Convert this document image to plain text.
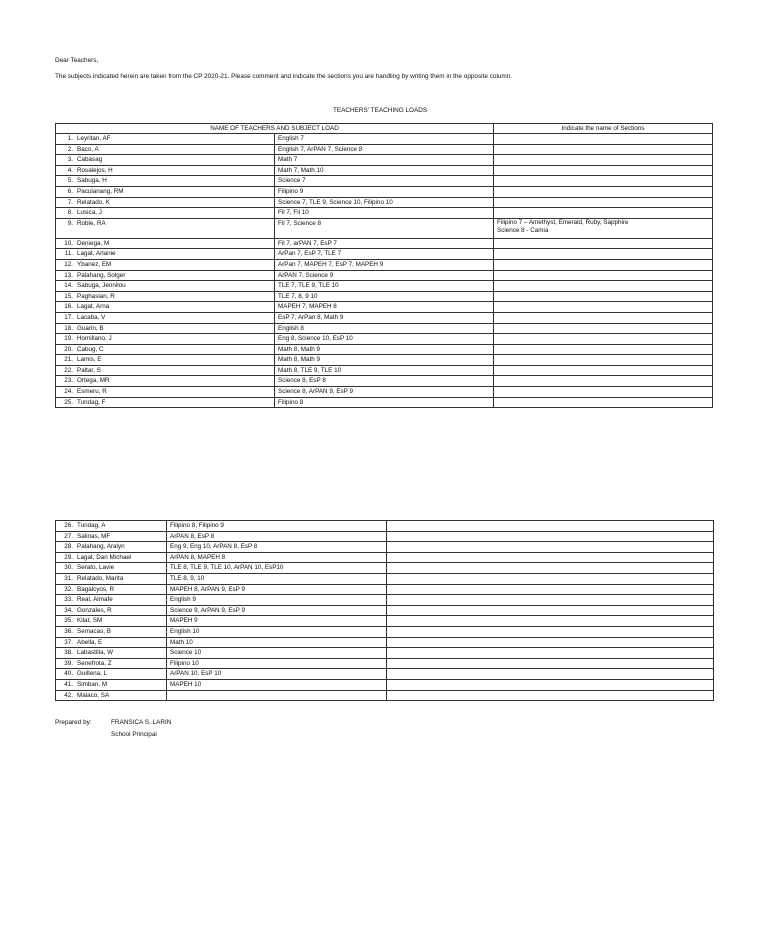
Dear Teachers,
The subjects indicated herein are taken from the CP 2020-21. Please comment and indicate the sections you are handling by writing them in the opposite column.
TEACHERS' TEACHING LOADS
NAME OF TEACHERS AND SUBJECT LOAD		Indicate the name of Sections
1. Leyritan, AF	English 7	
2. Baco, A	English 7, ArPAN 7, Science 8	
3. Cabasag	Math 7	
4. Rosalejos, H	Math 7, Math 10	
5. Sabuga, H	Science 7	
6. Paculanang, RM	Filipino 9	
7. Relatado, K	Science 7, TLE 9, Science 10, Filipino 10	
8. Lusica, J	Fil 7, Fil 10	
9. Roble, RA	Fil 7, Science 8	Filipino 7 – Amethyst, Emerald, Ruby, Sapphire
Science 8 - Camia

10. Deniega, M	Fil 7, arPAN 7, EsP 7	
11. Lagat, Arlanie	ArPan 7, EsP 7, TLE 7	
12. Ybanez, EM	ArPan 7, MAPEH 7, EsP 7, MAPEH 9	
13. Palahang, Solger	ArPAN 7, Science 9	
14. Sabuga, Jennilou	TLE 7, TLE 9, TLE 10	
15. Paghasian, R	TLE 7, 8, 9 10	
16. Lagat, Arna	MAPEH 7, MAPEH 8	
17. Lacaba, V	EsP 7, ArPan 8, Math 9	
18. Guarin, B	English 8	
19. Homillano, J	Eng 8, Science 10, EsP 10	
20. Cabug, C	Math 8, Math 9	
21. Lamis, E	Math 8, Math 9	
22. Paltar, S	Math 8, TLE 9, TLE 10	
23. Ortega, MR	Science 8, EsP 8	
24. Esmeru, R	Science 8, ArPAN 9, EsP 9	
25. Tundag, F	Filipino 8	
26. Tundag, A	Filipino 8, Filipino 9	
27. Salinas, MF	ArPAN 8, EsP 8	
28. Palahang, Aralyn	Eng 9, Eng 10, ArPAN 8, EsP 8	
29. Lagat, Dan Michael	ArPAN 8, MAPEH 8	
30. Serato, Lavie	TLE 8, TLE 9, TLE 10, ArPAN 10, EsP10	
31. Relatado, Marita	TLE 8, 9, 10	
32. Bagalcyos, R	MAPEH 8, ArPAN 9, EsP 9	
33. Real, Almafe	English 9	
34. Gonzales, R	Science 9, ArPAN 9, EsP 9	
35. Kilat, SM	MAPEH 9	
36. Semacas, B	English 10	
37. Abella, E	Math 10	
38. Labastilla, W	Science 10	
39. Senefrota, Z	Filipino 10	
40. Guillena, L	ArPAN 10, EsP 10	
41. Simban, M	MAPEH 10	
42. Malaco, SA		
Prepared by:	FRANSICA S. LARIN
School Principal
